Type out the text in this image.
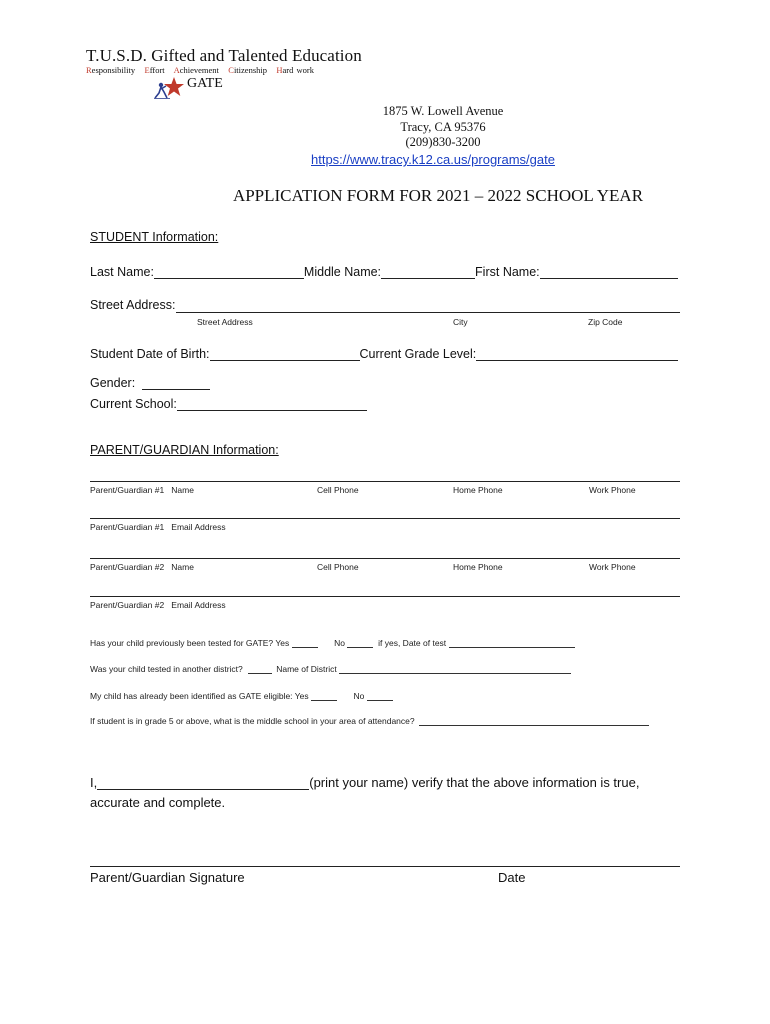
T.U.S.D. Gifted and Talented Education
Responsibility Effort Achievement Citizenship Hard work
GATE
1875 W. Lowell Avenue
Tracy, CA 95376
(209)830-3200
https://www.tracy.k12.ca.us/programs/gate
APPLICATION FORM FOR 2021 – 2022 SCHOOL YEAR
STUDENT Information:
Last Name:	Middle Name:	First Name:
Street Address:
Street Address	City	Zip Code
Student Date of Birth:	Current Grade Level:
Gender:
Current School:
PARENT/GUARDIAN Information:
Parent/Guardian #1 Name	Cell Phone	Home Phone	Work Phone
Parent/Guardian #1 Email Address
Parent/Guardian #2 Name	Cell Phone	Home Phone	Work Phone
Parent/Guardian #2 Email Address
Has your child previously been tested for GATE? Yes	No	if yes, Date of test
Was your child tested in another district?	Name of District
My child has already been identified as GATE eligible: Yes	No
If student is in grade 5 or above, what is the middle school in your area of attendance?
I,	(print your name) verify that the above information is true,
accurate and complete.
Parent/Guardian Signature	Date
